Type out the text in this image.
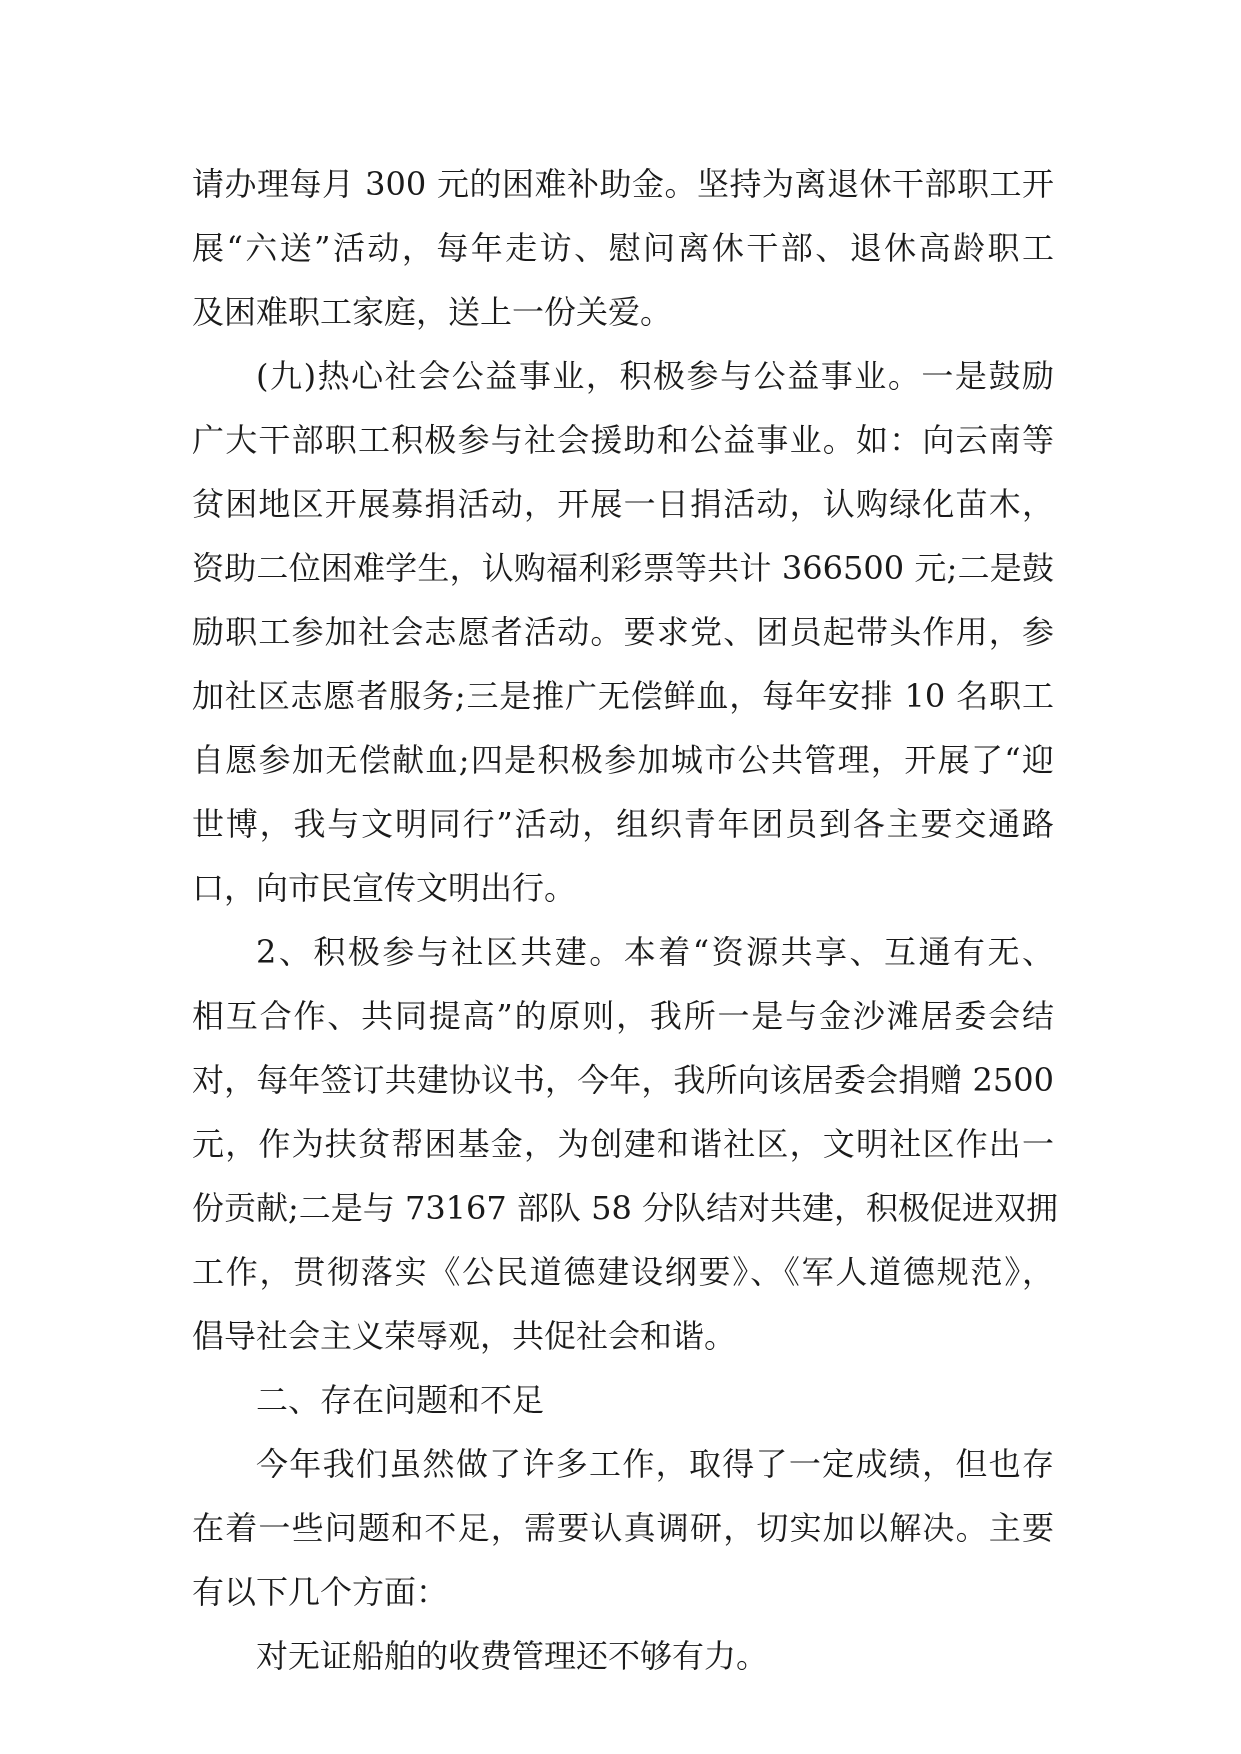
请办理每月 300 元的困难补助金。坚持为离退休干部职工开
展“六送”活动，每年走访、慰问离休干部、退休高龄职工
及困难职工家庭，送上一份关爱。
(九)热心社会公益事业，积极参与公益事业。一是鼓励
广大干部职工积极参与社会援助和公益事业。如：向云南等
贫困地区开展募捐活动，开展一日捐活动，认购绿化苗木，
资助二位困难学生，认购福利彩票等共计 366500 元;二是鼓
励职工参加社会志愿者活动。要求党、团员起带头作用，参
加社区志愿者服务;三是推广无偿鲜血，每年安排 10 名职工
自愿参加无偿献血;四是积极参加城市公共管理，开展了“迎
世博，我与文明同行”活动，组织青年团员到各主要交通路
口，向市民宣传文明出行。
2、积极参与社区共建。本着“资源共享、互通有无、
相互合作、共同提高”的原则，我所一是与金沙滩居委会结
对，每年签订共建协议书，今年，我所向该居委会捐赠 2500
元，作为扶贫帮困基金，为创建和谐社区，文明社区作出一
份贡献;二是与 73167 部队 58 分队结对共建，积极促进双拥
工作，贯彻落实《公民道德建设纲要》、《军人道德规范》，
倡导社会主义荣辱观，共促社会和谐。
二、存在问题和不足
今年我们虽然做了许多工作，取得了一定成绩，但也存
在着一些问题和不足，需要认真调研，切实加以解决。主要
有以下几个方面：
对无证船舶的收费管理还不够有力。
